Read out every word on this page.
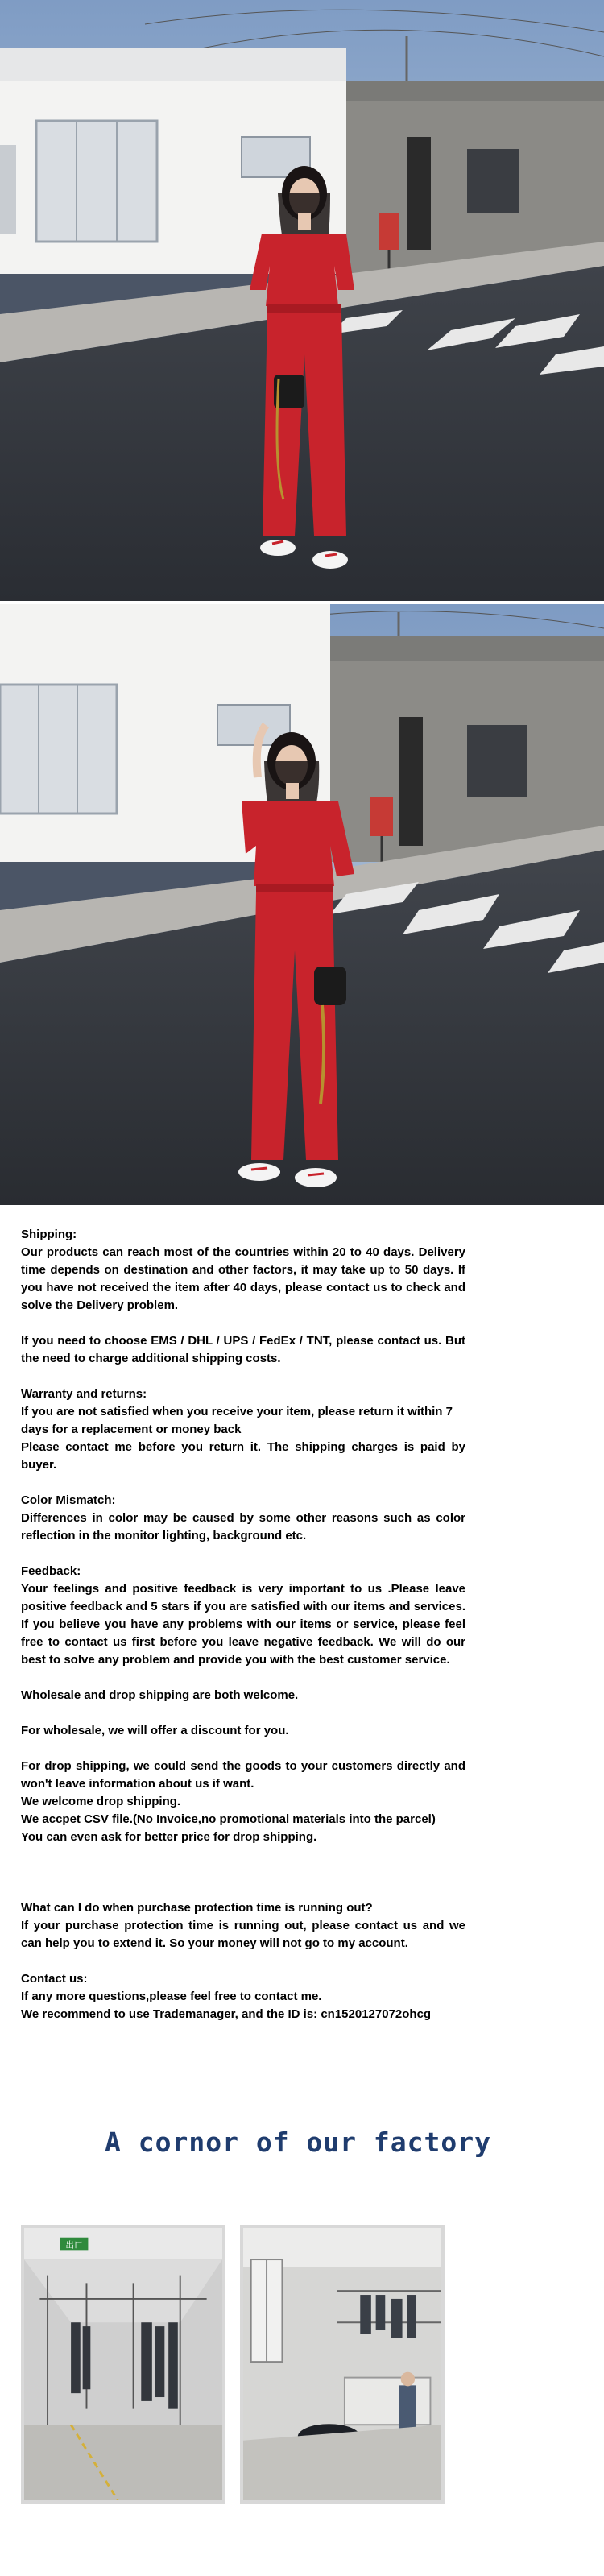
Shipping:

Our products can reach most of the countries within 20 to 40 days. Delivery time depends on destination and other factors, it may take up to 50 days. If you have not received the item after 40 days, please contact us to check and solve the Delivery problem.

If you need to choose EMS / DHL / UPS / FedEx / TNT, please contact us. But the need to charge additional shipping costs.

Warranty and returns:

If you are not satisfied when you receive your item, please return it within 7 days for a replacement or money back

Please contact me before you return it. The shipping charges is paid by buyer.

Color Mismatch:

Differences in color may be caused by some other reasons such as color reflection in the monitor lighting, background etc.

Feedback:

Your feelings and positive feedback is very important to us .Please leave positive feedback and 5 stars if you are satisfied with our items and services. If you believe you have any problems with our items or service, please feel free to contact us first before you leave negative feedback. We will do our best to solve any problem and provide you with the best customer service.

Wholesale and drop shipping are both welcome.

For wholesale, we will offer a discount for you.

For drop shipping, we could send the goods to your customers directly and won't leave information about us if want.

We welcome drop shipping.

We accpet CSV file.(No Invoice,no promotional materials into the parcel)

You can even ask for better price for drop shipping.

What can I do when purchase protection time is running out?

If your purchase protection time is running out, please contact us and we can help you to extend it. So your money will not go to my account.

Contact us:

If any more questions,please feel free to contact me.

We recommend to use Trademanager, and the ID is: cn1520127072ohcg

A cornor of our factory
出口
